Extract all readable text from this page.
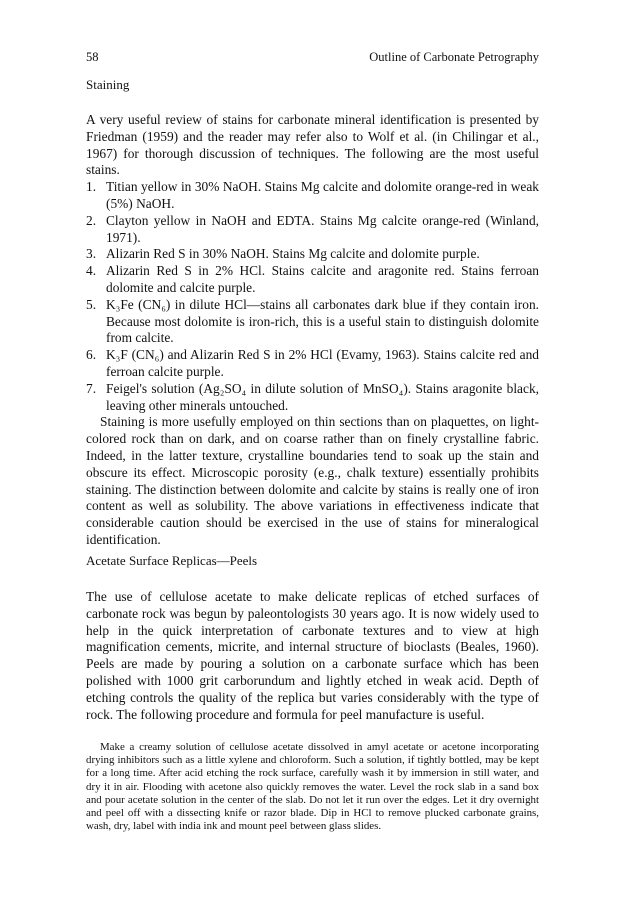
58	Outline of Carbonate Petrography
Staining

A very useful review of stains for carbonate mineral identification is presented by Friedman (1959) and the reader may refer also to Wolf et al. (in Chilingar et al., 1967) for thorough discussion of techniques. The following are the most useful stains.

1. Titian yellow in 30% NaOH. Stains Mg calcite and dolomite orange-red in weak (5%) NaOH.
2. Clayton yellow in NaOH and EDTA. Stains Mg calcite orange-red (Winland, 1971).
3. Alizarin Red S in 30% NaOH. Stains Mg calcite and dolomite purple.
4. Alizarin Red S in 2% HCl. Stains calcite and aragonite red. Stains ferroan dolomite and calcite purple.
5. K₃Fe (CN₆) in dilute HCl—stains all carbonates dark blue if they contain iron. Because most dolomite is iron-rich, this is a useful stain to distinguish dolomite from calcite.
6. K₃F (CN₆) and Alizarin Red S in 2% HCl (Evamy, 1963). Stains calcite red and ferroan calcite purple.
7. Feigel's solution (Ag₂SO₄ in dilute solution of MnSO₄). Stains aragonite black, leaving other minerals untouched.

Staining is more usefully employed on thin sections than on plaquettes, on light-colored rock than on dark, and on coarse rather than on finely crystalline fabric. Indeed, in the latter texture, crystalline boundaries tend to soak up the stain and obscure its effect. Microscopic porosity (e.g., chalk texture) essentially prohibits staining. The distinction between dolomite and calcite by stains is really one of iron content as well as solubility. The above variations in effectiveness indicate that considerable caution should be exercised in the use of stains for mineralogical identification.

Acetate Surface Replicas—Peels

The use of cellulose acetate to make delicate replicas of etched surfaces of carbonate rock was begun by paleontologists 30 years ago. It is now widely used to help in the quick interpretation of carbonate textures and to view at high magnification cements, micrite, and internal structure of bioclasts (Beales, 1960). Peels are made by pouring a solution on a carbonate surface which has been polished with 1000 grit carborundum and lightly etched in weak acid. Depth of etching controls the quality of the replica but varies considerably with the type of rock. The following procedure and formula for peel manufacture is useful.

Make a creamy solution of cellulose acetate dissolved in amyl acetate or acetone incorporating drying inhibitors such as a little xylene and chloroform. Such a solution, if tightly bottled, may be kept for a long time. After acid etching the rock surface, carefully wash it by immersion in still water, and dry it in air. Flooding with acetone also quickly removes the water. Level the rock slab in a sand box and pour acetate solution in the center of the slab. Do not let it run over the edges. Let it dry overnight and peel off with a dissecting knife or razor blade. Dip in HCl to remove plucked carbonate grains, wash, dry, label with india ink and mount peel between glass slides.
